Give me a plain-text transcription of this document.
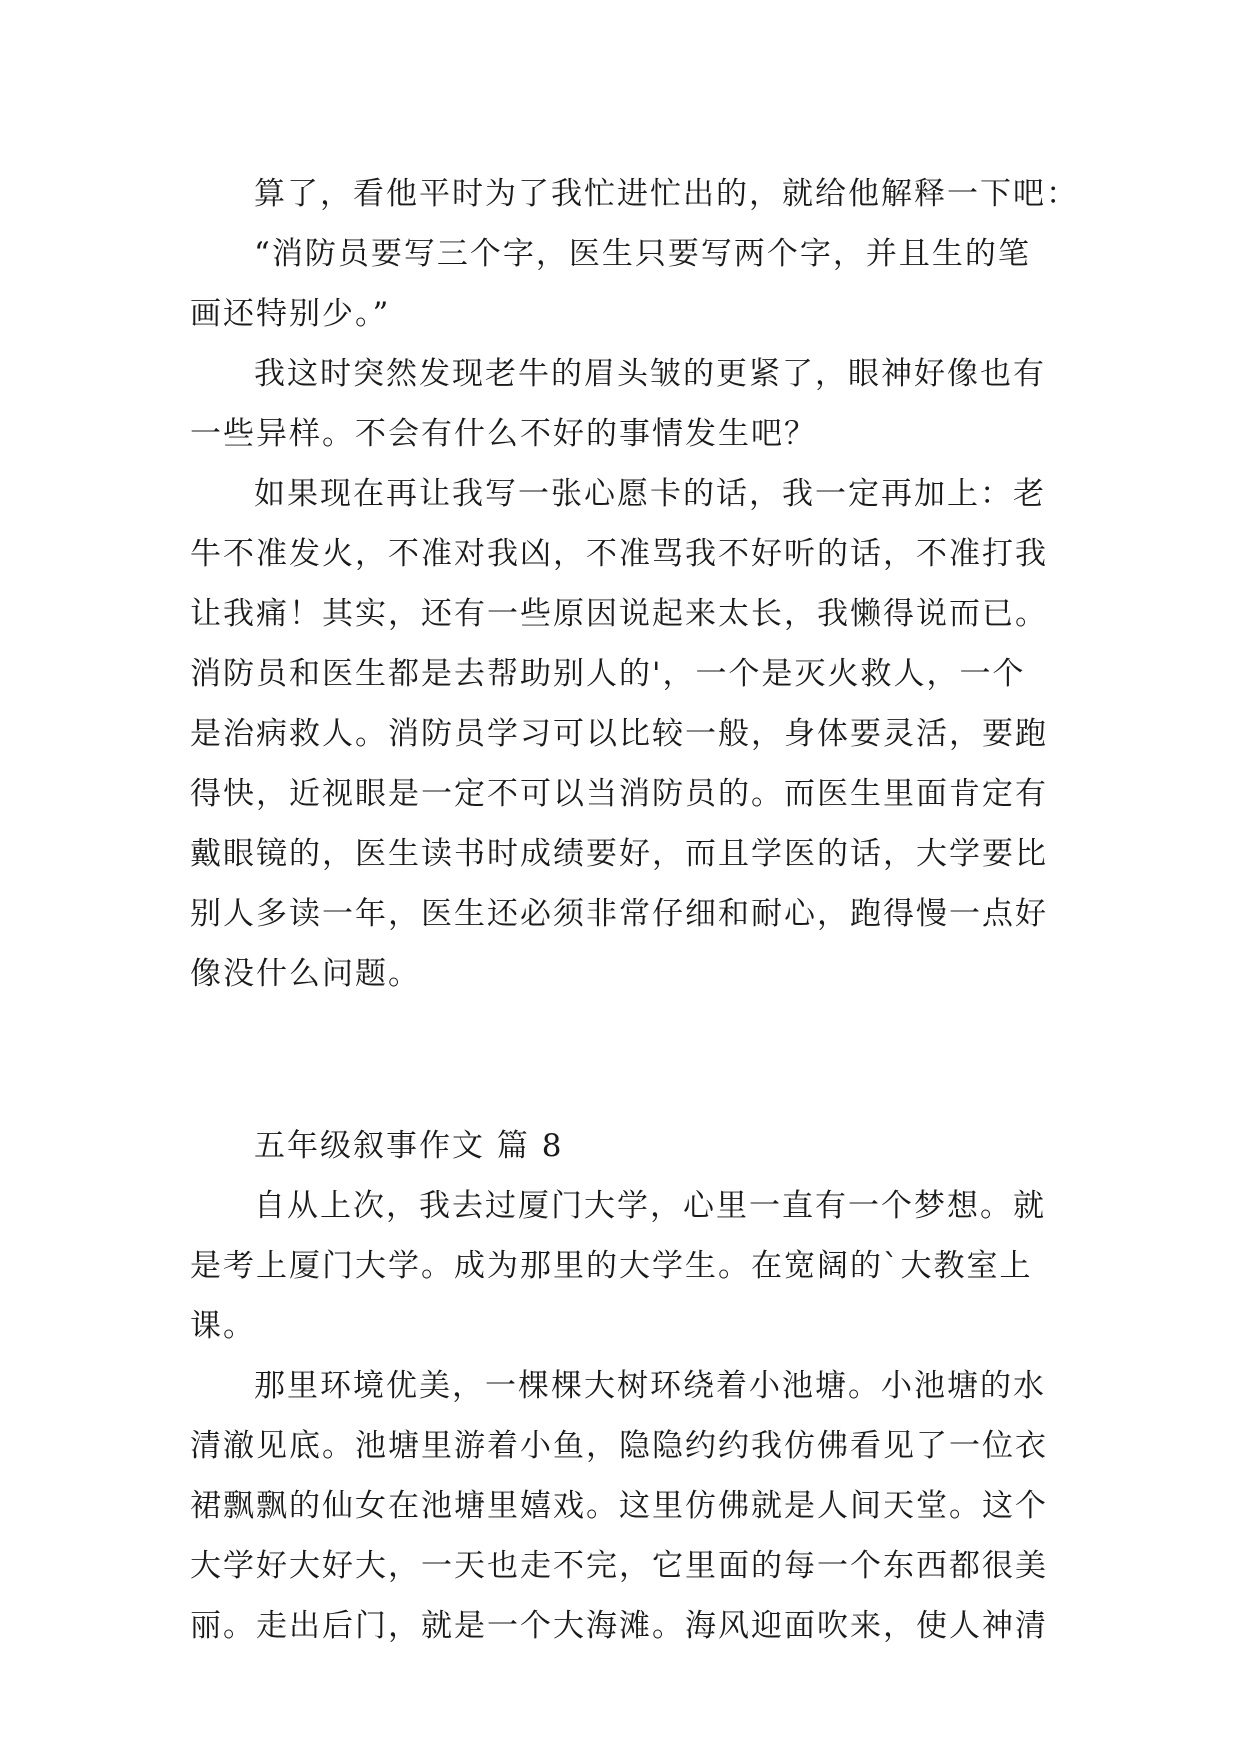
算了，看他平时为了我忙进忙出的，就给他解释一下吧：
“消防员要写三个字，医生只要写两个字，并且生的笔
画还特别少。”
我这时突然发现老牛的眉头皱的更紧了，眼神好像也有
一些异样。不会有什么不好的事情发生吧？
如果现在再让我写一张心愿卡的话，我一定再加上：老
牛不准发火，不准对我凶，不准骂我不好听的话，不准打我
让我痛！其实，还有一些原因说起来太长，我懒得说而已。
消防员和医生都是去帮助别人的'，一个是灭火救人，一个
是治病救人。消防员学习可以比较一般，身体要灵活，要跑
得快，近视眼是一定不可以当消防员的。而医生里面肯定有
戴眼镜的，医生读书时成绩要好，而且学医的话，大学要比
别人多读一年，医生还必须非常仔细和耐心，跑得慢一点好
像没什么问题。
五年级叙事作文 篇 8
自从上次，我去过厦门大学，心里一直有一个梦想。就
是考上厦门大学。成为那里的大学生。在宽阔的`大教室上
课。
那里环境优美，一棵棵大树环绕着小池塘。小池塘的水
清澈见底。池塘里游着小鱼，隐隐约约我仿佛看见了一位衣
裙飘飘的仙女在池塘里嬉戏。这里仿佛就是人间天堂。这个
大学好大好大，一天也走不完，它里面的每一个东西都很美
丽。走出后门，就是一个大海滩。海风迎面吹来，使人神清
